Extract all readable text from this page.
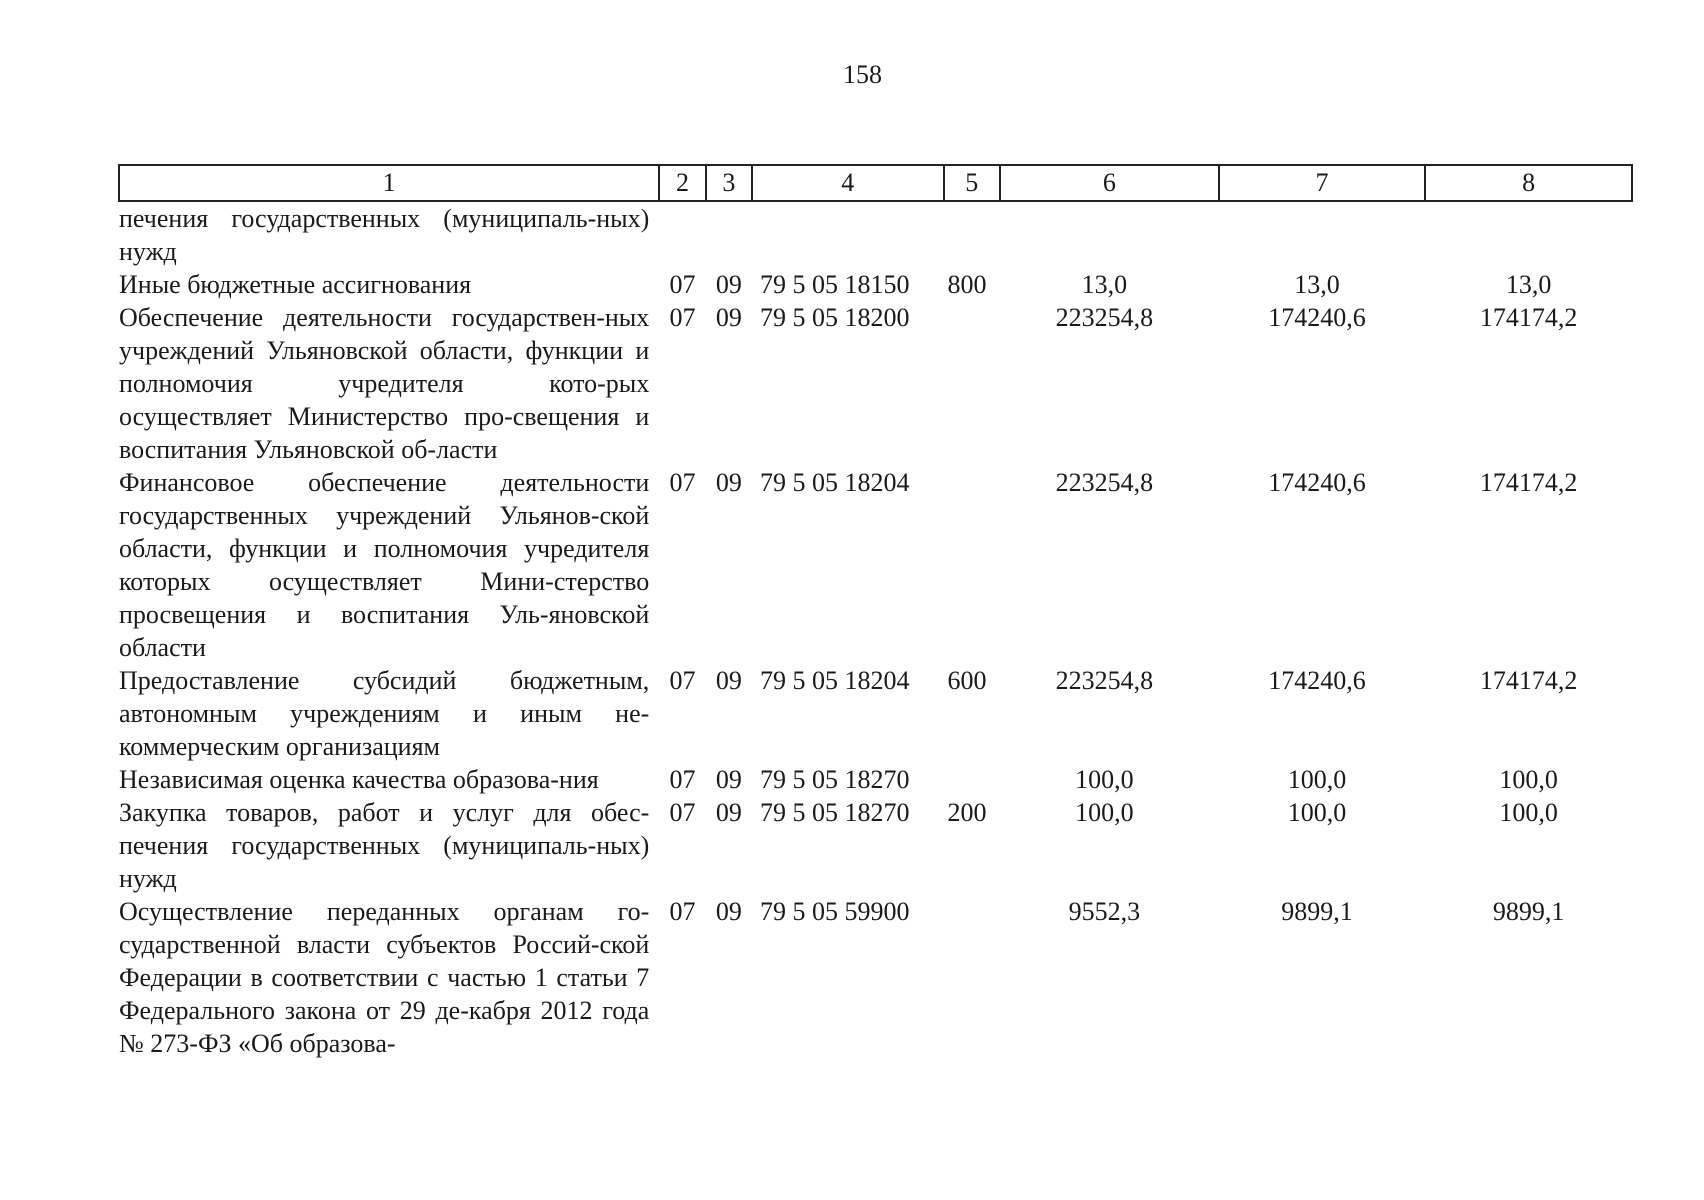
158
1	2	3	4	5	6	7	8
печения государственных (муниципаль-ных) нужд							
Иные бюджетные ассигнования	07	09	79 5 05 18150	800	13,0	13,0	13,0
Обеспечение деятельности государствен-ных учреждений Ульяновской области, функции и полномочия учредителя кото-рых осуществляет Министерство про-свещения и воспитания Ульяновской об-ласти	07	09	79 5 05 18200		223254,8	174240,6	174174,2
Финансовое обеспечение деятельности государственных учреждений Ульянов-ской области, функции и полномочия учредителя которых осуществляет Мини-стерство просвещения и воспитания Уль-яновской области	07	09	79 5 05 18204		223254,8	174240,6	174174,2
Предоставление субсидий бюджетным, автономным учреждениям и иным не-коммерческим организациям	07	09	79 5 05 18204	600	223254,8	174240,6	174174,2
Независимая оценка качества образова-ния	07	09	79 5 05 18270		100,0	100,0	100,0
Закупка товаров, работ и услуг для обес-печения государственных (муниципаль-ных) нужд	07	09	79 5 05 18270	200	100,0	100,0	100,0
Осуществление переданных органам го-сударственной власти субъектов Россий-ской Федерации в соответствии с частью 1 статьи 7 Федерального закона от 29 де-кабря 2012 года № 273-ФЗ «Об образова-	07	09	79 5 05 59900		9552,3	9899,1	9899,1
